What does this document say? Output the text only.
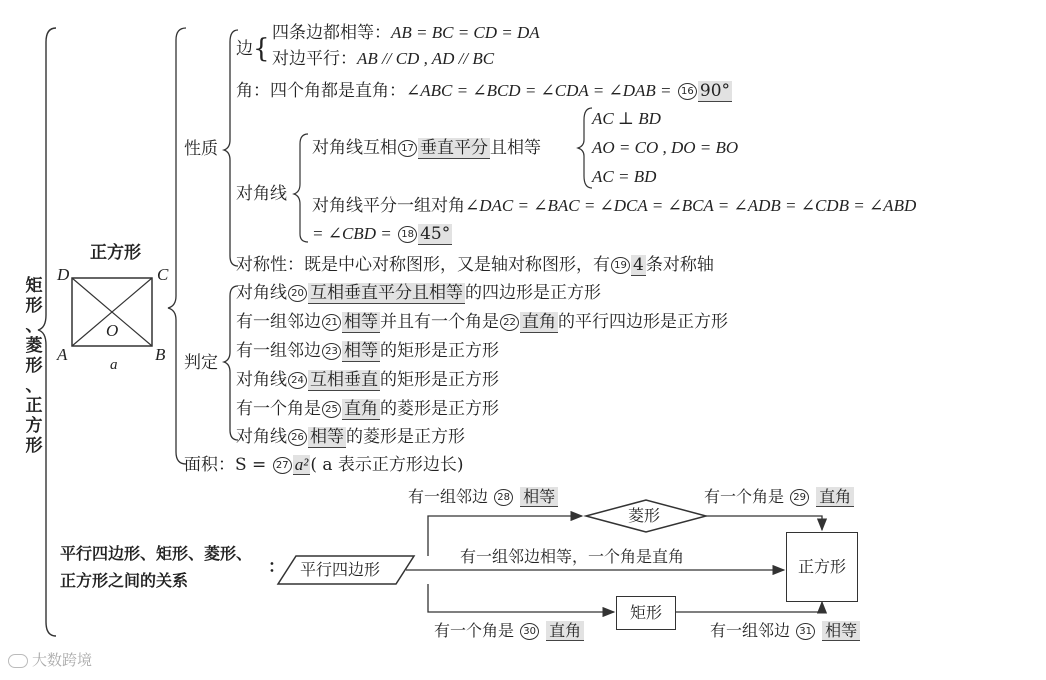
矩
形
、
菱
形
、
正
方
形
正方形
D	C
A	B
O
a
性质
边{
四条边都相等：AB = BC = CD = DA
对边平行：AB // CD , AD // BC
角：四个角都是直角：∠ABC = ∠BCD = ∠CDA = ∠DAB = 16 90°
对角线
对角线互相 17 垂直平分 且相等
AC ⊥ BD
AO = CO , DO = BO
AC = BD
对角线平分一组对角∠DAC = ∠BAC = ∠DCA = ∠BCA = ∠ADB = ∠CDB = ∠ABD
= ∠CBD = 18 45°
对称性：既是中心对称图形，又是轴对称图形，有 19 4 条对称轴
判定
对角线 20 互相垂直平分且相等 的四边形是正方形
有一组邻边 21 相等 并且有一个角是 22 直角 的平行四边形是正方形
有一组邻边 23 相等 的矩形是正方形
对角线 24 互相垂直 的矩形是正方形
有一个角是 25 直角 的菱形是正方形
对角线 26 相等 的菱形是正方形
面积：S = 27 a² ( a 表示正方形边长)
平行四边形、矩形、菱形、
正方形之间的关系
： 平行四边形
菱形
矩形
正方形
有一组邻边 28 相等	有一个角是 29 直角
有一组邻边相等，一个角是直角
有一个角是 30 直角	有一组邻边 31 相等
大数跨境
